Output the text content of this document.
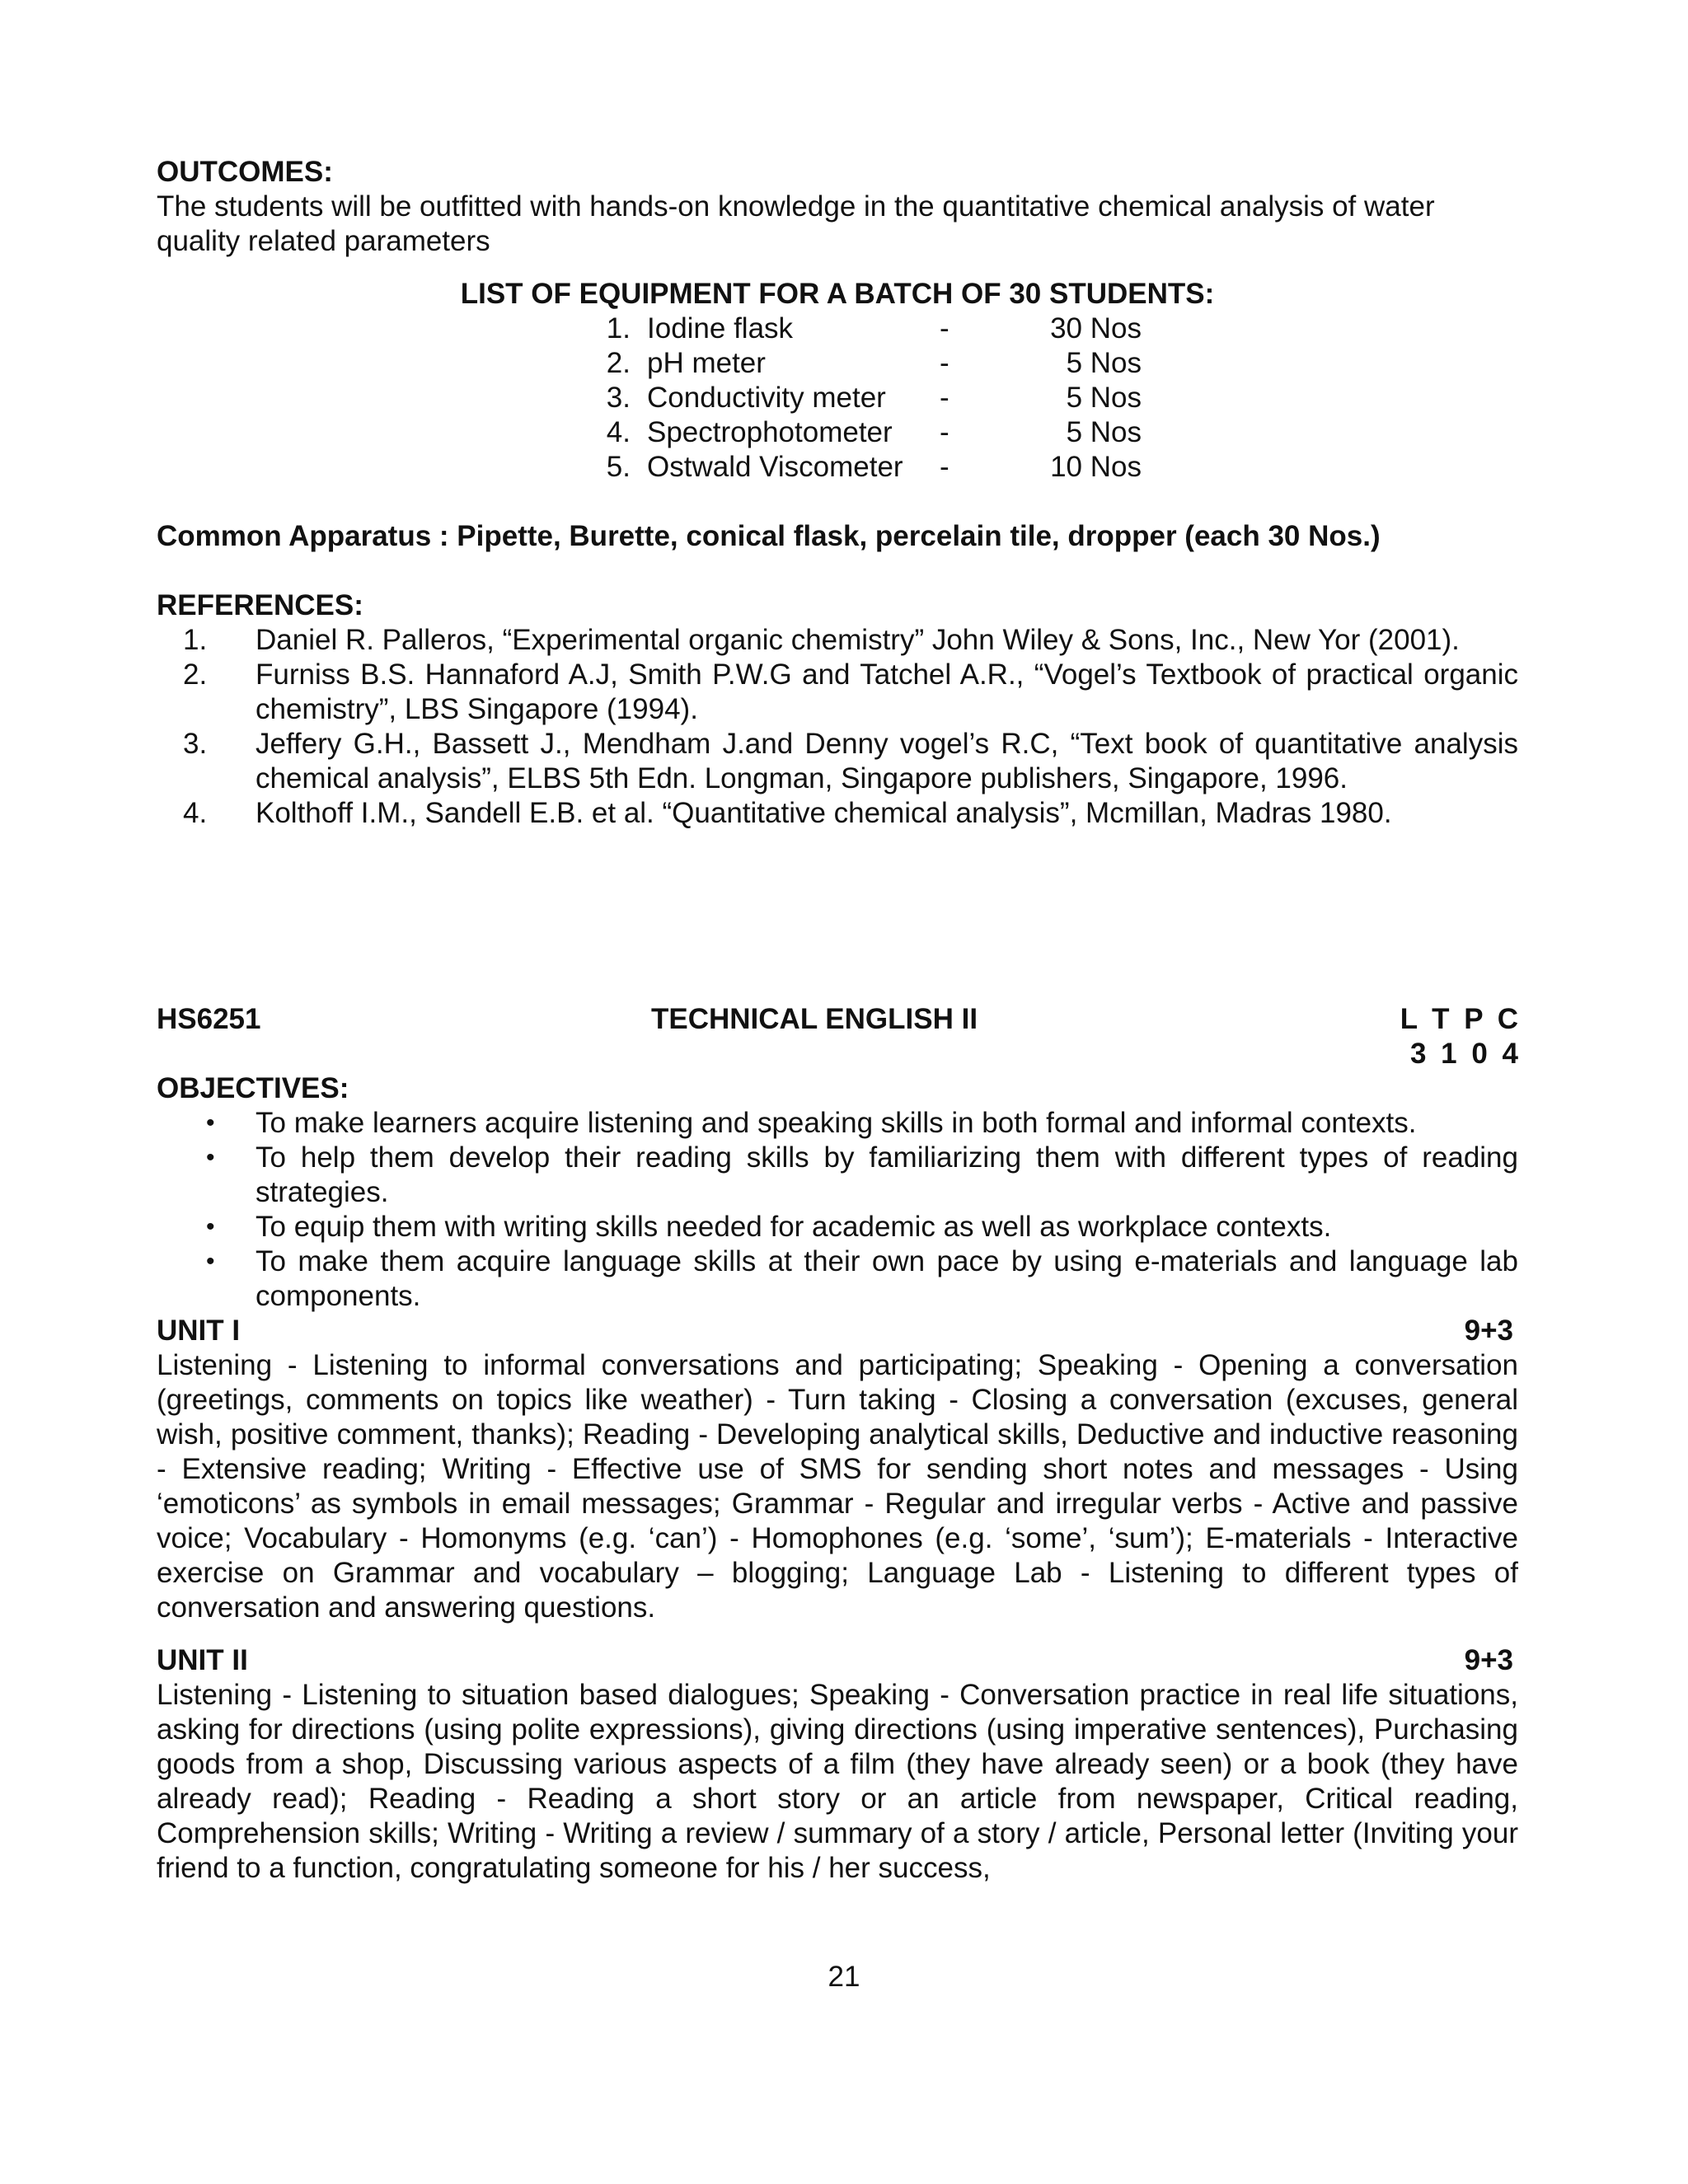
OUTCOMES:
The students will be outfitted with hands-on knowledge in the quantitative chemical analysis of water quality related parameters
LIST OF EQUIPMENT FOR A BATCH OF 30 STUDENTS:
1.	Iodine flask	-	30 Nos
2.	pH meter	-	5 Nos
3.	Conductivity meter	-	5 Nos
4.	Spectrophotometer	-	5 Nos
5.	Ostwald Viscometer	-	10 Nos
Common Apparatus : Pipette, Burette, conical flask, percelain tile, dropper (each 30 Nos.)
REFERENCES:
1.	Daniel R. Palleros, “Experimental organic chemistry” John Wiley & Sons, Inc., New Yor (2001).
2.	Furniss B.S. Hannaford A.J, Smith P.W.G and Tatchel A.R., “Vogel’s Textbook of practical organic chemistry”, LBS Singapore (1994).
3.	Jeffery G.H., Bassett J., Mendham J.and Denny vogel’s R.C, “Text book of quantitative analysis chemical analysis”, ELBS 5th Edn. Longman, Singapore publishers, Singapore, 1996.
4.	Kolthoff I.M., Sandell E.B. et al. “Quantitative chemical analysis”, Mcmillan, Madras 1980.
HS6251	TECHNICAL ENGLISH II	L T P C
3 1 0 4
OBJECTIVES:
•	To make learners acquire listening and speaking skills in both formal and informal contexts.
•	To help them develop their reading skills by familiarizing them with different types of reading strategies.
•	To equip them with writing skills needed for academic as well as workplace contexts.
•	To make them acquire language skills at their own pace by using e-materials and language lab components.
UNIT I	9+3
Listening - Listening to informal conversations and participating; Speaking - Opening a conversation (greetings, comments on topics like weather) - Turn taking - Closing a conversation (excuses, general wish, positive comment, thanks); Reading - Developing analytical skills, Deductive and inductive reasoning - Extensive reading; Writing - Effective use of SMS for sending short notes and messages - Using ‘emoticons’ as symbols in email messages; Grammar - Regular and irregular verbs - Active and passive voice; Vocabulary - Homonyms (e.g. ‘can’) - Homophones (e.g. ‘some’, ‘sum’); E-materials - Interactive exercise on Grammar and vocabulary – blogging; Language Lab - Listening to different types of conversation and answering questions.
UNIT II	9+3
Listening - Listening to situation based dialogues; Speaking - Conversation practice in real life situations, asking for directions (using polite expressions), giving directions (using imperative sentences), Purchasing goods from a shop, Discussing various aspects of a film (they have already seen) or a book (they have already read); Reading - Reading a short story or an article from newspaper, Critical reading, Comprehension skills; Writing - Writing a review / summary of a story / article, Personal letter (Inviting your friend to a function, congratulating someone for his / her success,
21
